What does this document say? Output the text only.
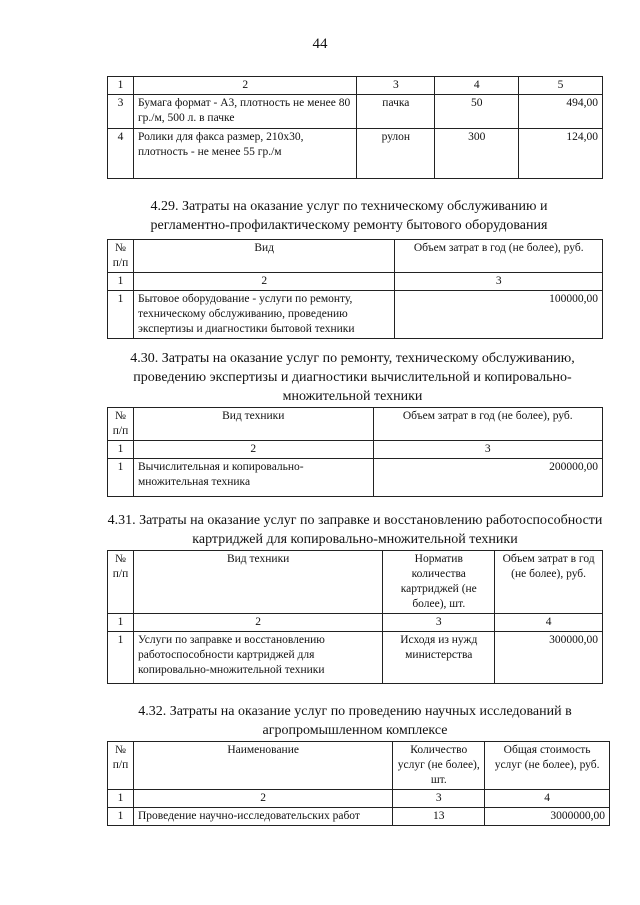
44
1	2	3	4	5
3	Бумага формат - А3, плотность не менее 80 гр./м, 500 л. в пачке	пачка	50	494,00
4	Ролики для факса размер, 210х30, плотность - не менее 55 гр./м	рулон	300	124,00
4.29. Затраты на оказание услуг по техническому обслуживанию и регламентно-профилактическому ремонту бытового оборудования
№ п/п	Вид	Объем затрат в год (не более), руб.
1	2	3
1	Бытовое оборудование - услуги по ремонту, техническому обслуживанию, проведению экспертизы и диагностики бытовой техники	100000,00
4.30. Затраты на оказание услуг по ремонту, техническому обслуживанию, проведению экспертизы и диагностики вычислительной и копировально-множительной техники
№ п/п	Вид техники	Объем затрат в год (не более), руб.
1	2	3
1	Вычислительная и копировально-множительная техника	200000,00
4.31. Затраты на оказание услуг по заправке и восстановлению работоспособности картриджей для копировально-множительной техники
№ п/п	Вид техники	Норматив количества картриджей (не более), шт.	Объем затрат в год (не более), руб.
1	2	3	4
1	Услуги по заправке и восстановлению работоспособности картриджей для копировально-множительной техники	Исходя из нужд министерства	300000,00
4.32. Затраты на оказание услуг по проведению научных исследований в агропромышленном комплексе
№ п/п	Наименование	Количество услуг (не более), шт.	Общая стоимость услуг (не более), руб.
1	2	3	4
1	Проведение научно-исследовательских работ	13	3000000,00
